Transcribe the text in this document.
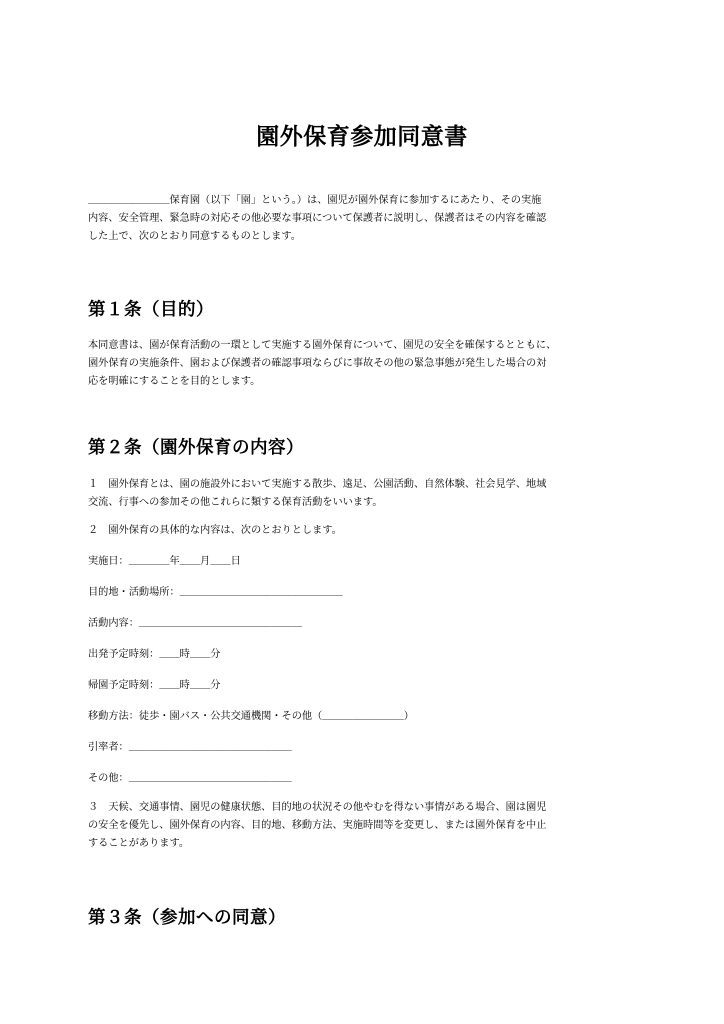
園外保育参加同意書
＿＿＿＿＿＿＿＿保育園（以下「園」という。）は、園児が園外保育に参加するにあたり、その実施
内容、安全管理、緊急時の対応その他必要な事項について保護者に説明し、保護者はその内容を確認
した上で、次のとおり同意するものとします。
第１条（目的）
本同意書は、園が保育活動の一環として実施する園外保育について、園児の安全を確保するとともに、
園外保育の実施条件、園および保護者の確認事項ならびに事故その他の緊急事態が発生した場合の対
応を明確にすることを目的とします。
第２条（園外保育の内容）
１　園外保育とは、園の施設外において実施する散歩、遠足、公園活動、自然体験、社会見学、地域
交流、行事への参加その他これらに類する保育活動をいいます。
２　園外保育の具体的な内容は、次のとおりとします。
実施日：＿＿＿＿年＿＿月＿＿日
目的地・活動場所：＿＿＿＿＿＿＿＿＿＿＿＿＿＿＿＿
活動内容：＿＿＿＿＿＿＿＿＿＿＿＿＿＿＿＿
出発予定時刻：＿＿時＿＿分
帰園予定時刻：＿＿時＿＿分
移動方法：徒歩・園バス・公共交通機関・その他（＿＿＿＿＿＿＿＿）
引率者：＿＿＿＿＿＿＿＿＿＿＿＿＿＿＿＿
その他：＿＿＿＿＿＿＿＿＿＿＿＿＿＿＿＿
３　天候、交通事情、園児の健康状態、目的地の状況その他やむを得ない事情がある場合、園は園児
の安全を優先し、園外保育の内容、目的地、移動方法、実施時間等を変更し、または園外保育を中止
することがあります。
第３条（参加への同意）
